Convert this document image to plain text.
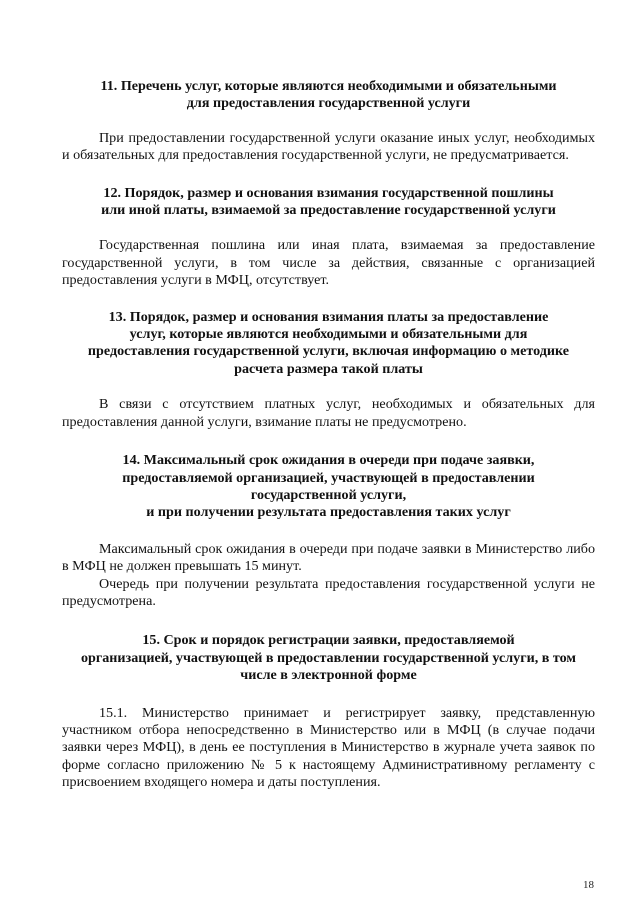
11. Перечень услуг, которые являются необходимыми и обязательными
для предоставления государственной услуги

При предоставлении государственной услуги оказание иных услуг, необходимых и обязательных для предоставления государственной услуги, не предусматривается.

12. Порядок, размер и основания взимания государственной пошлины
или иной платы, взимаемой за предоставление государственной услуги

Государственная пошлина или иная плата, взимаемая за предоставление государственной услуги, в том числе за действия, связанные с организацией предоставления услуги в МФЦ, отсутствует.

13. Порядок, размер и основания взимания платы за предоставление
услуг, которые являются необходимыми и обязательными для
предоставления государственной услуги, включая информацию о методике
расчета размера такой платы

В связи с отсутствием платных услуг, необходимых и обязательных для предоставления данной услуги, взимание платы не предусмотрено.

14. Максимальный срок ожидания в очереди при подаче заявки,
предоставляемой организацией, участвующей в предоставлении
государственной услуги,
и при получении результата предоставления таких услуг

Максимальный срок ожидания в очереди при подаче заявки в Министерство либо в МФЦ не должен превышать 15 минут.

Очередь при получении результата предоставления государственной услуги не предусмотрена.

15. Срок и порядок регистрации заявки, предоставляемой
организацией, участвующей в предоставлении государственной услуги, в том
числе в электронной форме

15.1. Министерство принимает и регистрирует заявку, представленную участником отбора непосредственно в Министерство или в МФЦ (в случае подачи заявки через МФЦ), в день ее поступления в Министерство в журнале учета заявок по форме согласно приложению № 5 к настоящему Административному регламенту с присвоением входящего номера и даты поступления.

18
